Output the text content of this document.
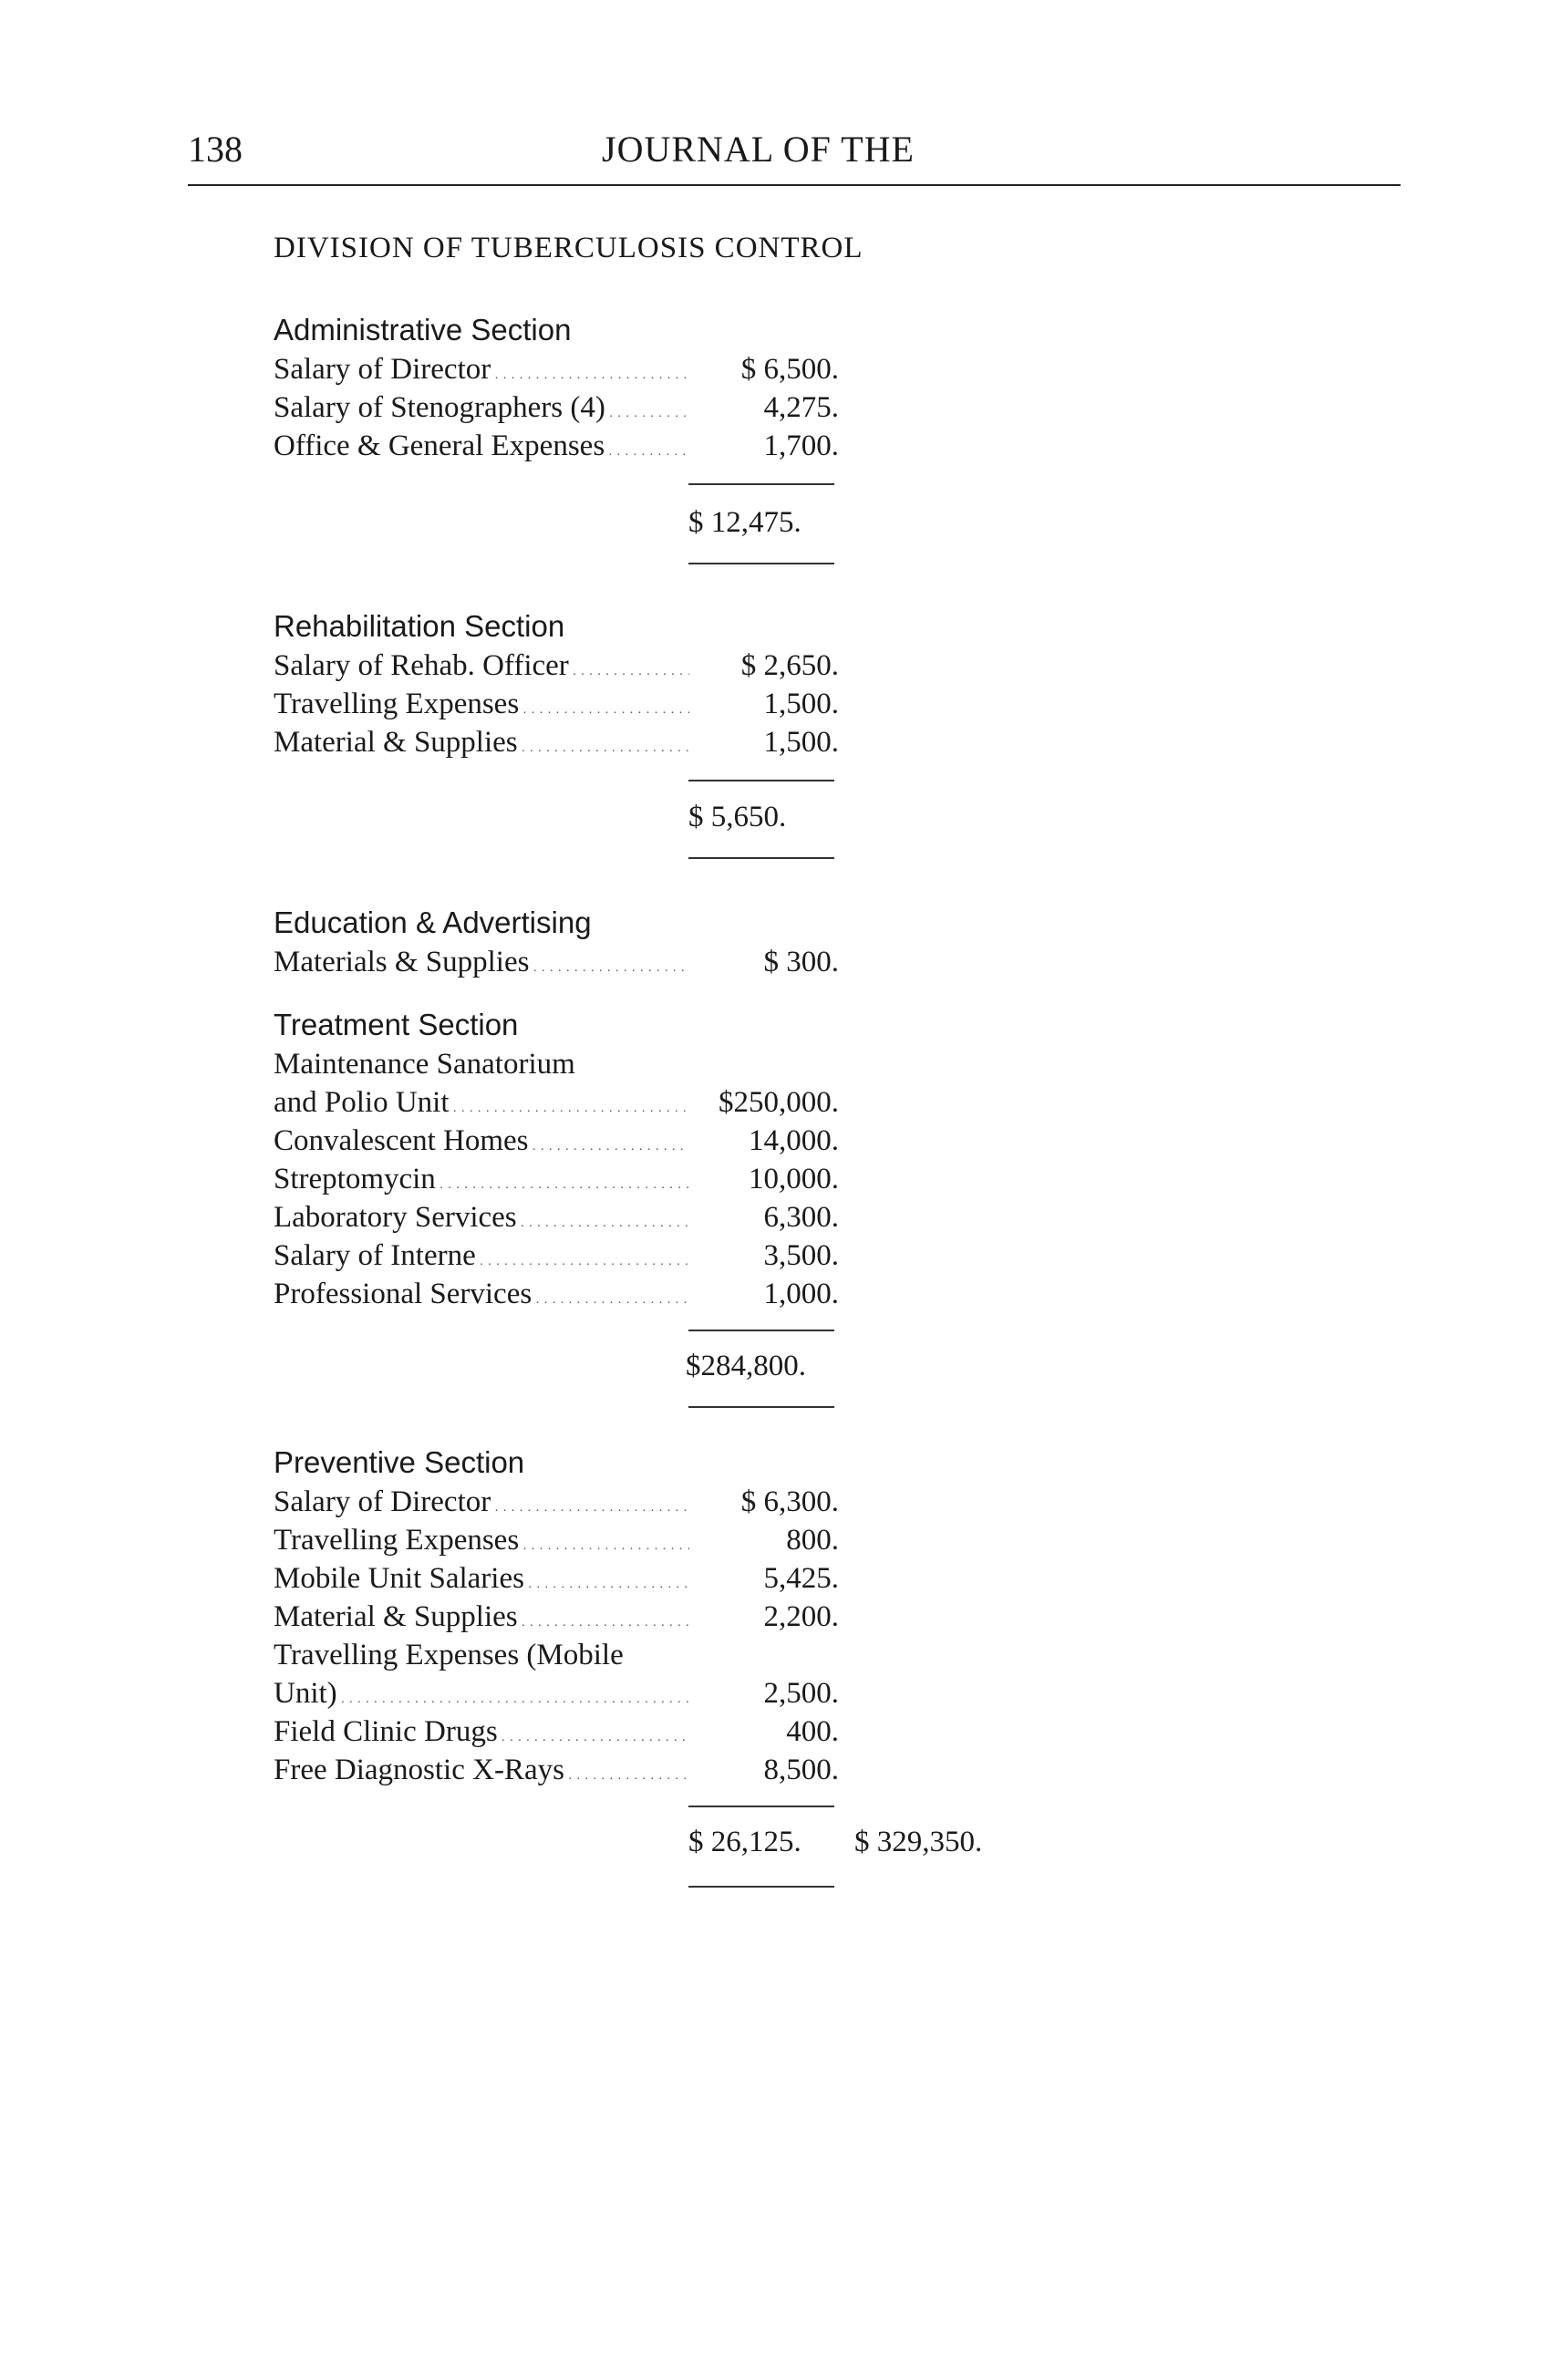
138	JOURNAL OF THE
DIVISION OF TUBERCULOSIS CONTROL
Administrative Section
Salary of Director . . .	$ 6,500.
Salary of Stenographers (4) . . .	4,275.
Office & General Expenses . . .	1,700.
$ 12,475.
Rehabilitation Section
Salary of Rehab. Officer . . .	$ 2,650.
Travelling Expenses . . .	1,500.
Material & Supplies . . .	1,500.
$ 5,650.
Education & Advertising
Materials & Supplies . . .	$ 300.
Treatment Section
Maintenance Sanatorium
and Polio Unit . . .	$250,000.
Convalescent Homes . . .	14,000.
Streptomycin . . .	10,000.
Laboratory Services . . .	6,300.
Salary of Interne . . .	3,500.
Professional Services . . .	1,000.
$284,800.
Preventive Section
Salary of Director . . .	$ 6,300.
Travelling Expenses . . .	800.
Mobile Unit Salaries . . .	5,425.
Material & Supplies . . .	2,200.
Travelling Expenses (Mobile
Unit) . . .	2,500.
Field Clinic Drugs . . .	400.
Free Diagnostic X-Rays . . .	8,500.
$ 26,125. $ 329,350.
